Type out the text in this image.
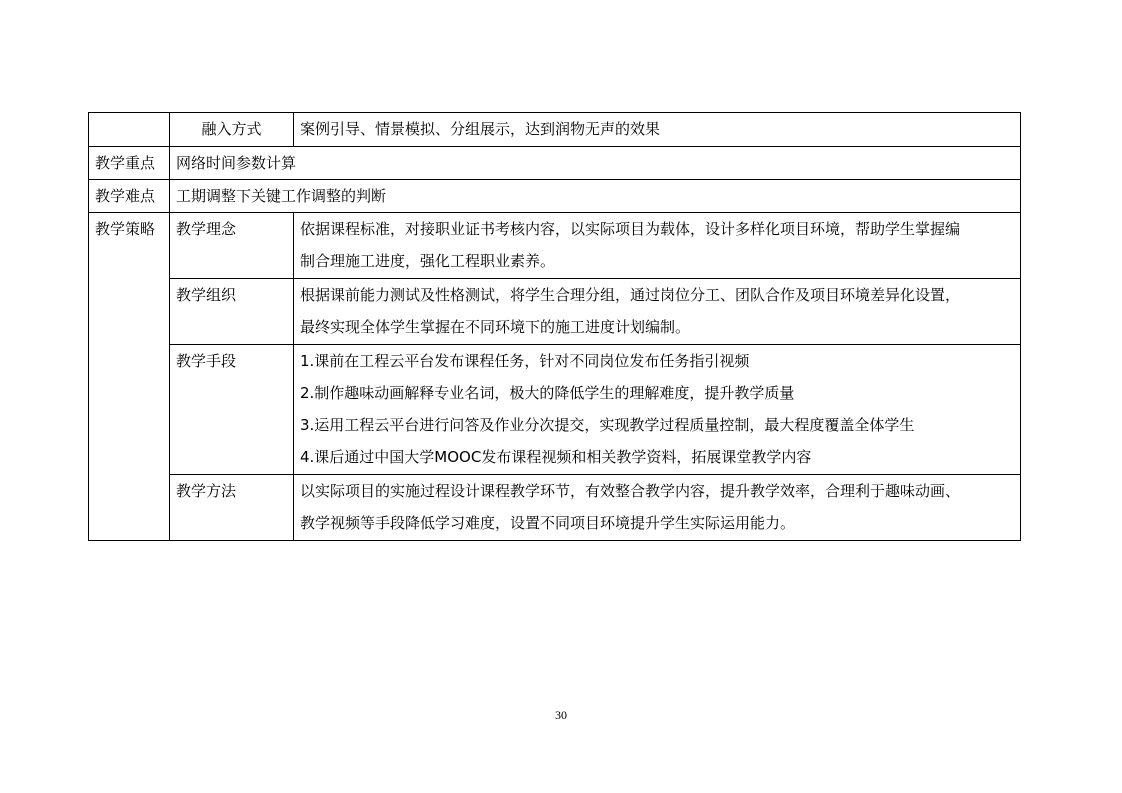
	融入方式	案例引导、情景模拟、分组展示，达到润物无声的效果
教学重点	网络时间参数计算	
教学难点	工期调整下关键工作调整的判断	
教学策略	教学理念	依据课程标准，对接职业证书考核内容，以实际项目为载体，设计多样化项目环境，帮助学生掌握编
制合理施工进度，强化工程职业素养。

	教学组织	根据课前能力测试及性格测试，将学生合理分组，通过岗位分工、团队合作及项目环境差异化设置，
最终实现全体学生掌握在不同环境下的施工进度计划编制。

	教学手段	1.课前在工程云平台发布课程任务，针对不同岗位发布任务指引视频
2.制作趣味动画解释专业名词，极大的降低学生的理解难度，提升教学质量
3.运用工程云平台进行问答及作业分次提交，实现教学过程质量控制，最大程度覆盖全体学生
4.课后通过中国大学MOOC发布课程视频和相关教学资料，拓展课堂教学内容

	教学方法	以实际项目的实施过程设计课程教学环节，有效整合教学内容，提升教学效率，合理利于趣味动画、
教学视频等手段降低学习难度，设置不同项目环境提升学生实际运用能力。
30
